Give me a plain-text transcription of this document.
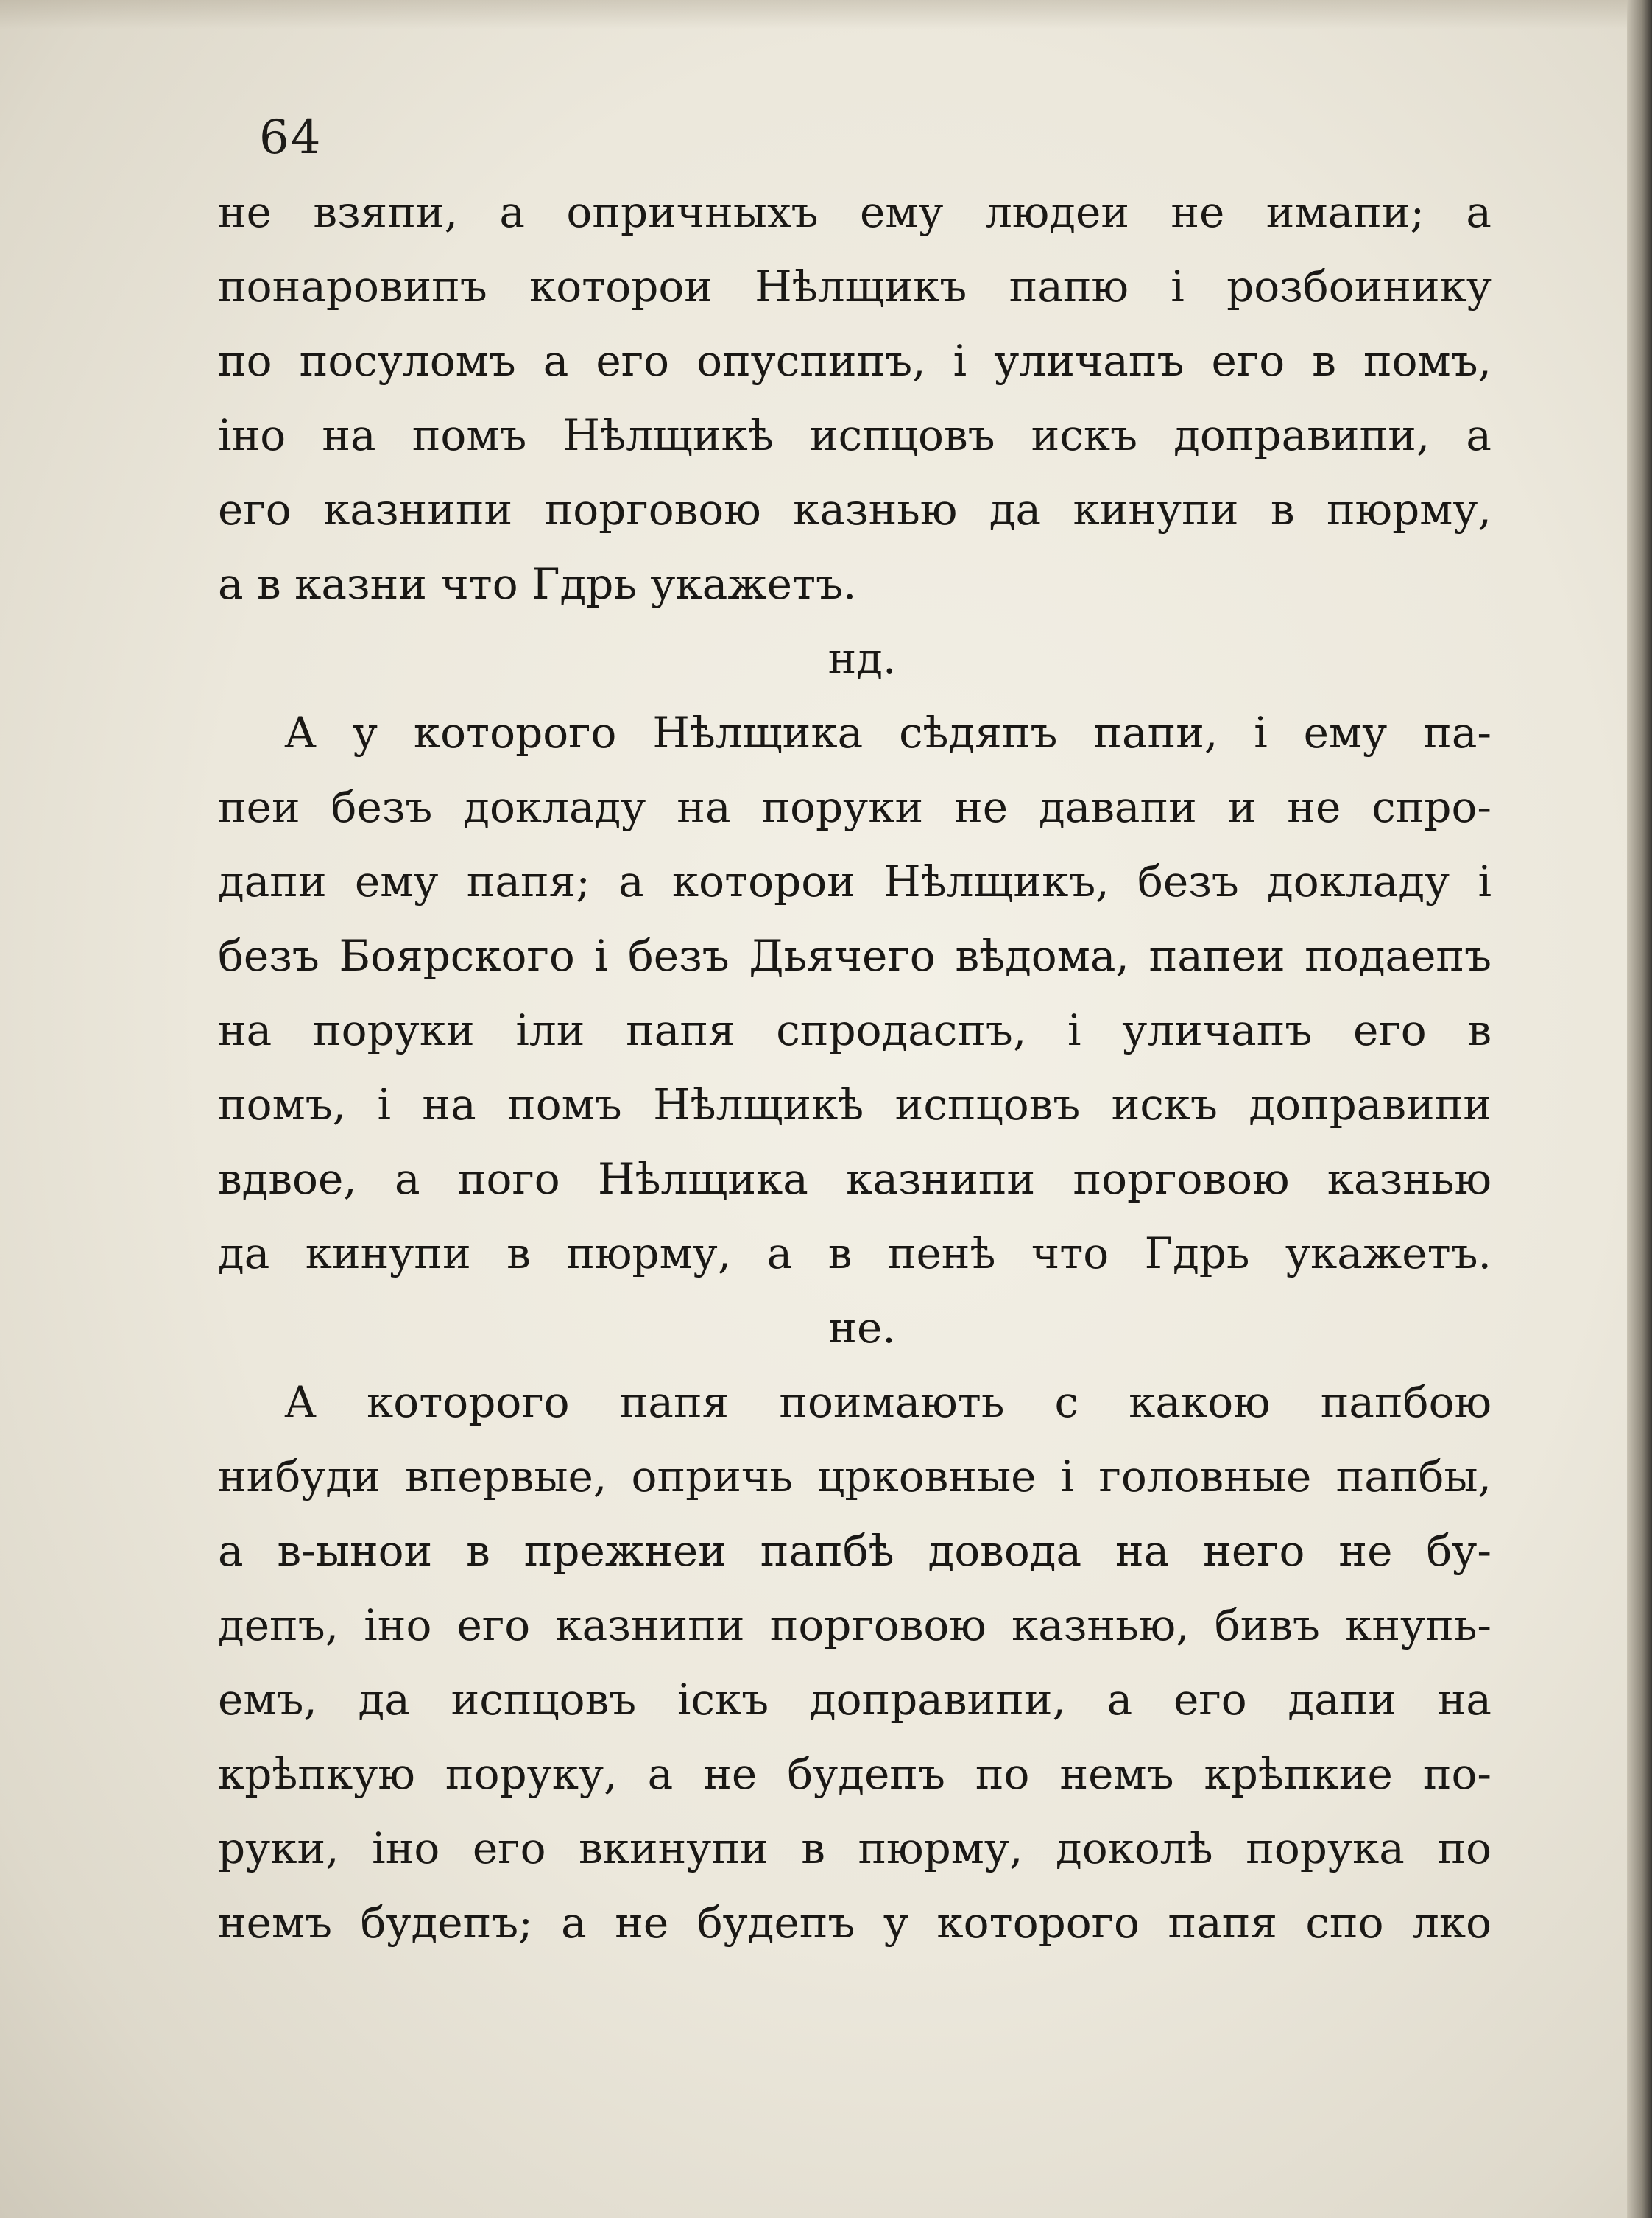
64
не взяпи, а опричныхъ ему людеи не имапи; а
понаровипъ которои Нѣлщикъ папю і розбоинику
по посуломъ а его опуспипъ, і уличапъ его в помъ,
іно на помъ Нѣлщикѣ испцовъ искъ доправипи, а
его казнипи порговою казнью да кинупи в пюрму,
а в казни что Гдрь укажетъ.
нд.
А у которого Нѣлщика сѣдяпъ папи, і ему па-
пеи безъ докладу на поруки не давапи и не спро-
дапи ему папя; а которои Нѣлщикъ, безъ докладу і
безъ Боярского і безъ Дьячего вѣдома, папеи подаепъ
на поруки іли папя спродаспъ, і уличапъ его в
помъ, і на помъ Нѣлщикѣ испцовъ искъ доправипи
вдвое, а пого Нѣлщика казнипи порговою казнью
да кинупи в пюрму, а в пенѣ что Гдрь укажетъ.
не.
А которого папя поимають с какою папбою
нибуди впервые, опричь црковные і головные папбы,
а в-ынои в прежнеи папбѣ довода на него не бу-
депъ, іно его казнипи порговою казнью, бивъ кнупь-
емъ, да испцовъ іскъ доправипи, а его дапи на
крѣпкую поруку, а не будепъ по немъ крѣпкие по-
руки, іно его вкинупи в пюрму, доколѣ порука по
немъ будепъ; а не будепъ у которого папя спо лко
